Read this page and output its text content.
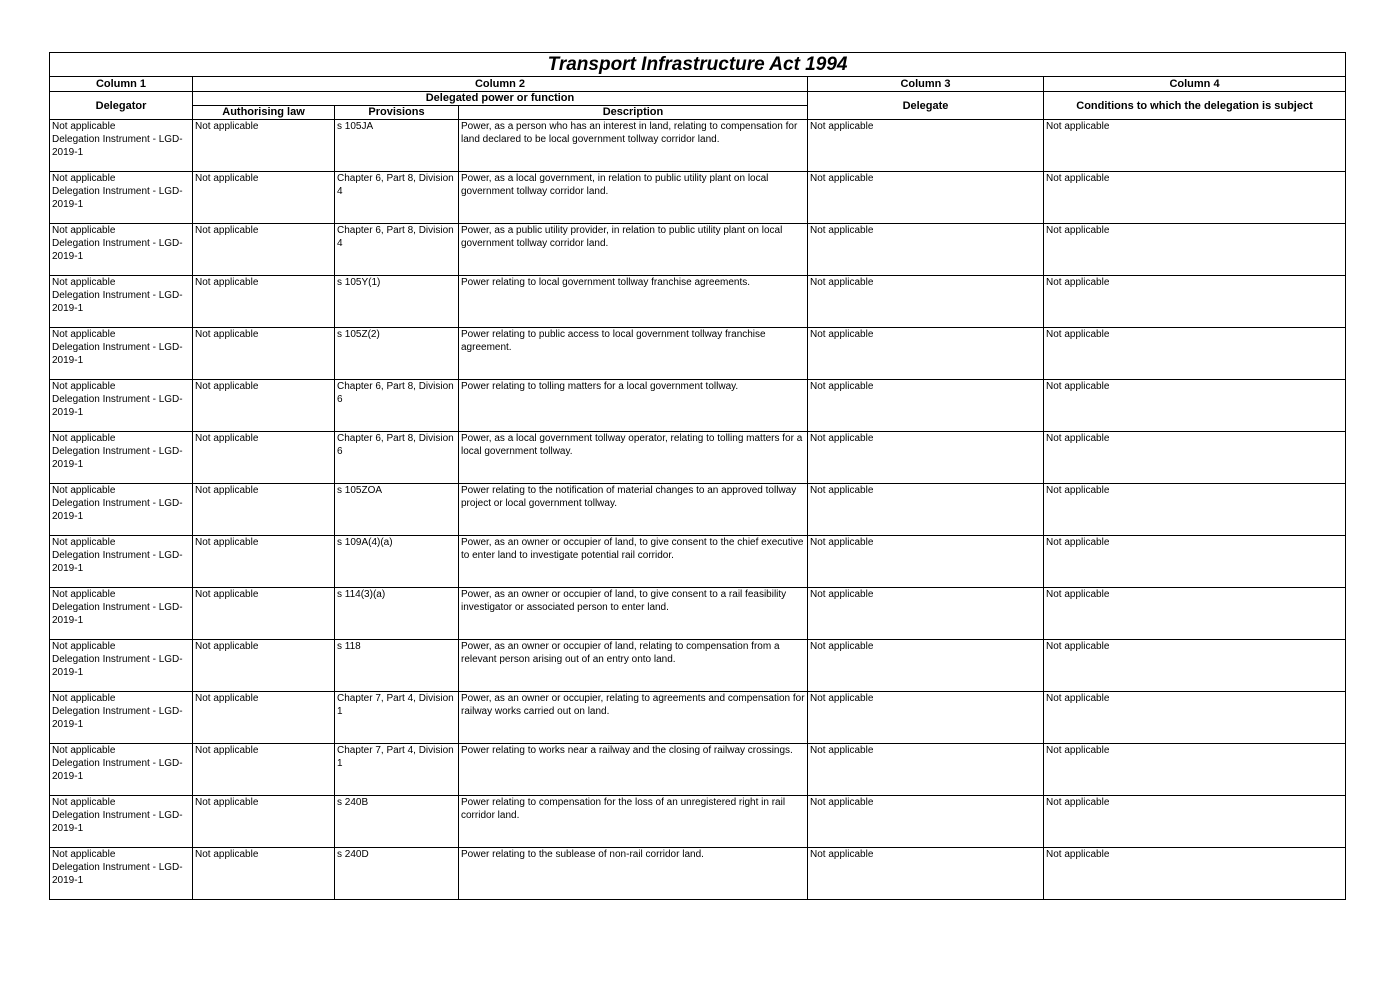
Transport Infrastructure Act 1994					
Column 1	Column 2			Column 3	Column 4
Delegator	Delegated power or function			Delegate	Conditions to which the delegation is subject
	Authorising law	Provisions	Description		

Not applicable
Delegation Instrument - LGD-
2019-1	Not applicable	s 105JA	Power, as a person who has an interest in land, relating to compensation for land declared to be local government tollway corridor land.	Not applicable	Not applicable

Not applicable
Delegation Instrument - LGD-
2019-1	Not applicable	Chapter 6, Part 8, Division 4	Power, as a local government, in relation to public utility plant on local government tollway corridor land.	Not applicable	Not applicable

Not applicable
Delegation Instrument - LGD-
2019-1	Not applicable	Chapter 6, Part 8, Division 4	Power, as a public utility provider, in relation to public utility plant on local government tollway corridor land.	Not applicable	Not applicable

Not applicable
Delegation Instrument - LGD-
2019-1	Not applicable	s 105Y(1)	Power relating to local government tollway franchise agreements.	Not applicable	Not applicable

Not applicable
Delegation Instrument - LGD-
2019-1	Not applicable	s 105Z(2)	Power relating to public access to local government tollway franchise agreement.	Not applicable	Not applicable

Not applicable
Delegation Instrument - LGD-
2019-1	Not applicable	Chapter 6, Part 8, Division 6	Power relating to tolling matters for a local government tollway.	Not applicable	Not applicable

Not applicable
Delegation Instrument - LGD-
2019-1	Not applicable	Chapter 6, Part 8, Division 6	Power, as a local government tollway operator, relating to tolling matters for a local government tollway.	Not applicable	Not applicable

Not applicable
Delegation Instrument - LGD-
2019-1	Not applicable	s 105ZOA	Power relating to the notification of material changes to an approved tollway project or local government tollway.	Not applicable	Not applicable

Not applicable
Delegation Instrument - LGD-
2019-1	Not applicable	s 109A(4)(a)	Power, as an owner or occupier of land, to give consent to the chief executive to enter land to investigate potential rail corridor.	Not applicable	Not applicable

Not applicable
Delegation Instrument - LGD-
2019-1	Not applicable	s 114(3)(a)	Power, as an owner or occupier of land, to give consent to a rail feasibility investigator or associated person to enter land.	Not applicable	Not applicable

Not applicable
Delegation Instrument - LGD-
2019-1	Not applicable	s 118	Power, as an owner or occupier of land, relating to compensation from a relevant person arising out of an entry onto land.	Not applicable	Not applicable

Not applicable
Delegation Instrument - LGD-
2019-1	Not applicable	Chapter 7, Part 4, Division 1	Power, as an owner or occupier, relating to agreements and compensation for railway works carried out on land.	Not applicable	Not applicable

Not applicable
Delegation Instrument - LGD-
2019-1	Not applicable	Chapter 7, Part 4, Division 1	Power relating to works near a railway and the closing of railway crossings.	Not applicable	Not applicable

Not applicable
Delegation Instrument - LGD-
2019-1	Not applicable	s 240B	Power relating to compensation for the loss of an unregistered right in rail corridor land.	Not applicable	Not applicable

Not applicable
Delegation Instrument - LGD-
2019-1	Not applicable	s 240D	Power relating to the sublease of non-rail corridor land.	Not applicable	Not applicable
